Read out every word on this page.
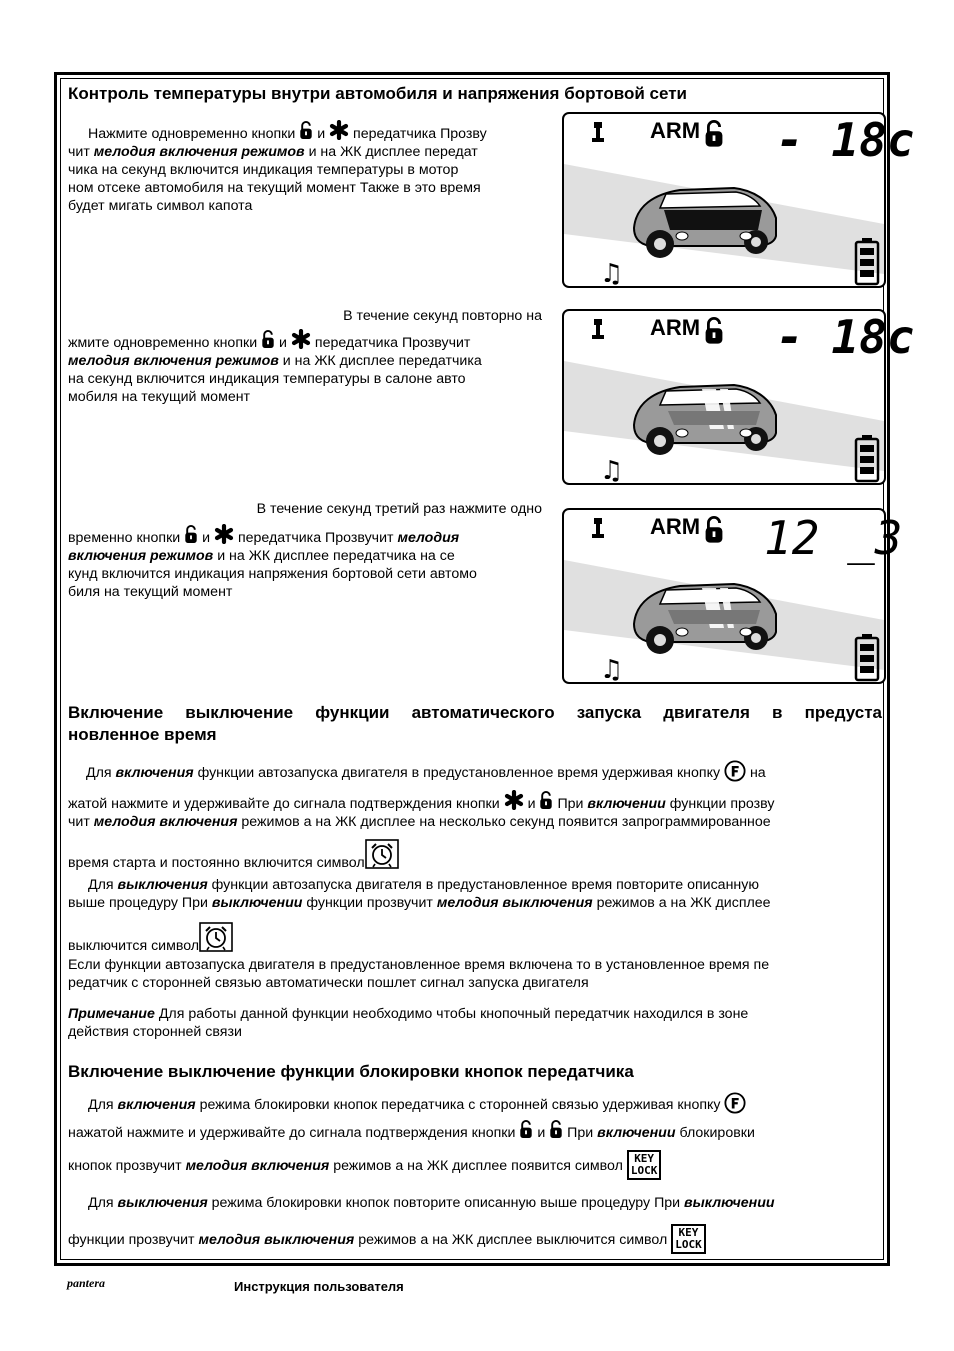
Контроль температуры внутри автомобиля и напряжения бортовой сети
Нажмите одновременно кнопки и передатчика Прозву
чит мелодия включения режимов и на ЖК дисплее передат
чика на секунд включится индикация температуры в мотор
ном отсеке автомобиля на текущий момент Также в это время
будет мигать символ капота
В течение секунд повторно на
жмите одновременно кнопки и передатчика Прозвучит
мелодия включения режимов и на ЖК дисплее передатчика
на секунд включится индикация температуры в салоне авто
мобиля на текущий момент
В течение секунд третий раз нажмите одно
временно кнопки и передатчика Прозвучит мелодия
включения режимов и на ЖК дисплее передатчика на се
кунд включится индикация напряжения бортовой сети автомо
биля на текущий момент
ARM - 18c
♫
ARM - 18c
♫
ARM 12 _3
♫
Включение выключение функции автоматического запуска двигателя в предуста
новленное время
Для включения функции автозапуска двигателя в предустановленное время удерживая кнопку на
жатой нажмите и удерживайте до сигнала подтверждения кнопки и При включении функции прозву
чит мелодия включения режимов а на ЖК дисплее на несколько секунд появится запрограммированное
время старта и постоянно включится символ
Для выключения функции автозапуска двигателя в предустановленное время повторите описанную
выше процедуру При выключении функции прозвучит мелодия выключения режимов а на ЖК дисплее
выключится символ
Если функции автозапуска двигателя в предустановленное время включена то в установленное время пе
редатчик с сторонней связью автоматически пошлет сигнал запуска двигателя
Примечание Для работы данной функции необходимо чтобы кнопочный передатчик находился в зоне
действия сторонней связи
Включение выключение функции блокировки кнопок передатчика
Для включения режима блокировки кнопок передатчика с сторонней связью удерживая кнопку
нажатой нажмите и удерживайте до сигнала подтверждения кнопки и При включении блокировки
кнопок прозвучит мелодия включения режимов а на ЖК дисплее появится символ	KEY
LOCK
Для выключения режима блокировки кнопок повторите описанную выше процедуру При выключении
функции прозвучит мелодия выключения режимов а на ЖК дисплее выключится символ	KEY
LOCK
pantera	Инструкция пользователя
